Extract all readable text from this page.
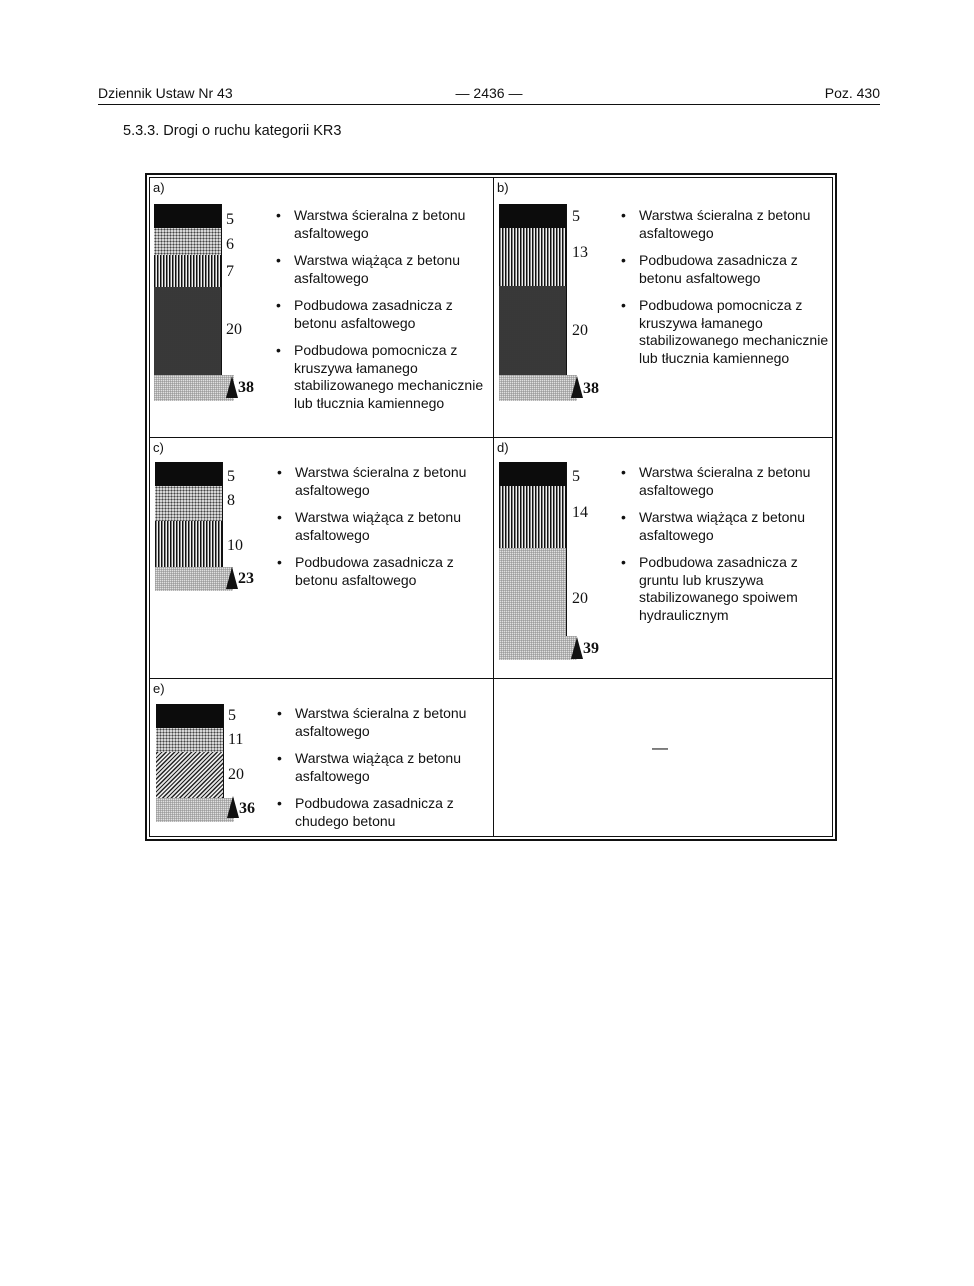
Dziennik Ustaw Nr 43	— 2436 —	Poz. 430
5.3.3. Drogi o ruchu kategorii KR3
a)
5
6
7
20
38
• Warstwa ścieralna z betonu asfaltowego
• Warstwa wiążąca z betonu asfaltowego
• Podbudowa zasadnicza z betonu asfaltowego
• Podbudowa pomocnicza z kruszywa łamanego stabilizowanego mechanicznie lub tłucznia kamiennego
b)
5
13
20
38
• Warstwa ścieralna z betonu asfaltowego
• Podbudowa zasadnicza z betonu asfaltowego
• Podbudowa pomocnicza z kruszywa łamanego stabilizowanego mechanicznie lub tłucznia kamiennego
c)
5
8
10
23
• Warstwa ścieralna z betonu asfaltowego
• Warstwa wiążąca z betonu asfaltowego
• Podbudowa zasadnicza z betonu asfaltowego
d)
5
14
20
39
• Warstwa ścieralna z betonu asfaltowego
• Warstwa wiążąca z betonu asfaltowego
• Podbudowa zasadnicza z gruntu lub kruszywa stabilizowanego spoiwem hydraulicznym
e)
5
11
20
36
• Warstwa ścieralna z betonu asfaltowego
• Warstwa wiążąca z betonu asfaltowego
• Podbudowa zasadnicza z chudego betonu
—
